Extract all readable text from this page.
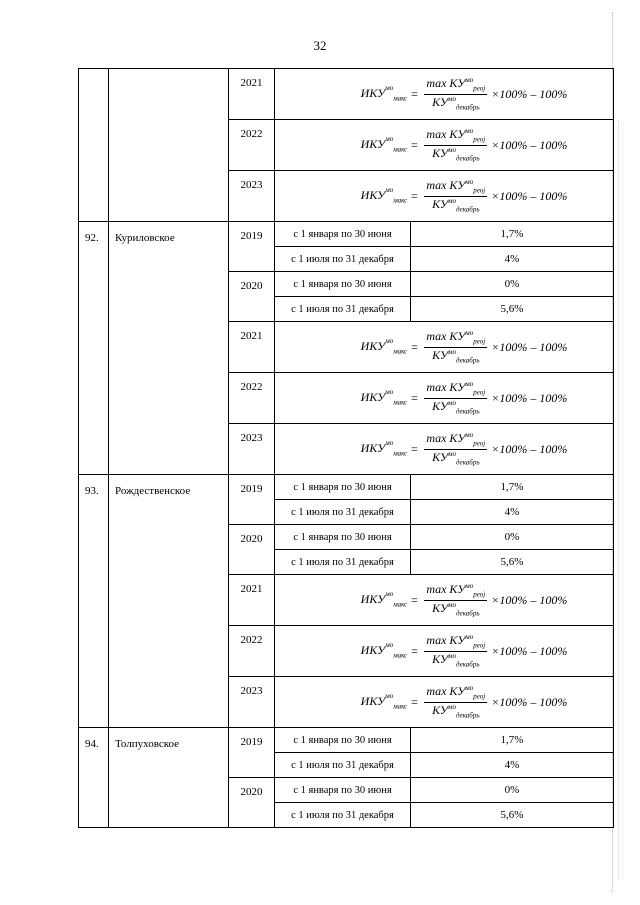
32
		2021	$ИКУ^{мо}_{макс} = \frac{\max КУ^{мо}_{реоj}}{КУ^{мо}_{декабрь}} \times 100\% - 100\%$	

		2022	$ИКУ^{мо}_{макс} = \frac{\max КУ^{мо}_{реоj}}{КУ^{мо}_{декабрь}} \times 100\% - 100\%$	

		2023	$ИКУ^{мо}_{макс} = \frac{\max КУ^{мо}_{реоj}}{КУ^{мо}_{декабрь}} \times 100\% - 100\%$	

92.	Куриловское	2019	с 1 января по 30 июня	1,7%
			с 1 июля по 31 декабря	4%
		2020	с 1 января по 30 июня	0%
			с 1 июля по 31 декабря	5,6%
		2021	$ИКУ^{мо}_{макс} = \frac{\max КУ^{мо}_{реоj}}{КУ^{мо}_{декабрь}} \times 100\% - 100\%$	

		2022	$ИКУ^{мо}_{макс} = \frac{\max КУ^{мо}_{реоj}}{КУ^{мо}_{декабрь}} \times 100\% - 100\%$	

		2023	$ИКУ^{мо}_{макс} = \frac{\max КУ^{мо}_{реоj}}{КУ^{мо}_{декабрь}} \times 100\% - 100\%$	

93.	Рождественское	2019	с 1 января по 30 июня	1,7%
			с 1 июля по 31 декабря	4%
		2020	с 1 января по 30 июня	0%
			с 1 июля по 31 декабря	5,6%
		2021	$ИКУ^{мо}_{макс} = \frac{\max КУ^{мо}_{реоj}}{КУ^{мо}_{декабрь}} \times 100\% - 100\%$	

		2022	$ИКУ^{мо}_{макс} = \frac{\max КУ^{мо}_{реоj}}{КУ^{мо}_{декабрь}} \times 100\% - 100\%$	

		2023	$ИКУ^{мо}_{макс} = \frac{\max КУ^{мо}_{реоj}}{КУ^{мо}_{декабрь}} \times 100\% - 100\%$	

94.	Толпуховское	2019	с 1 января по 30 июня	1,7%
			с 1 июля по 31 декабря	4%
		2020	с 1 января по 30 июня	0%
			с 1 июля по 31 декабря	5,6%
